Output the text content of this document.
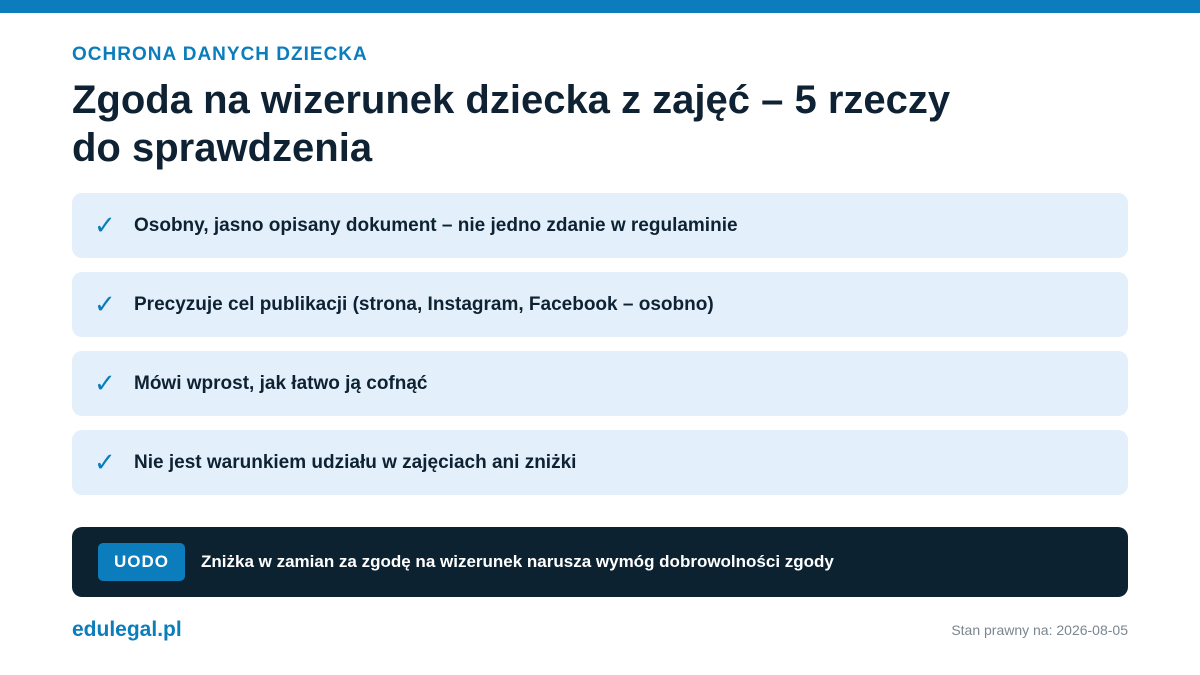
OCHRONA DANYCH DZIECKA
Zgoda na wizerunek dziecka z zajęć – 5 rzeczy do sprawdzenia
✓ Osobny, jasno opisany dokument – nie jedno zdanie w regulaminie
✓ Precyzuje cel publikacji (strona, Instagram, Facebook – osobno)
✓ Mówi wprost, jak łatwo ją cofnąć
✓ Nie jest warunkiem udziału w zajęciach ani zniżki
UODO	Zniżka w zamian za zgodę na wizerunek narusza wymóg dobrowolności zgody
edulegal.pl	Stan prawny na: 2026-08-05
